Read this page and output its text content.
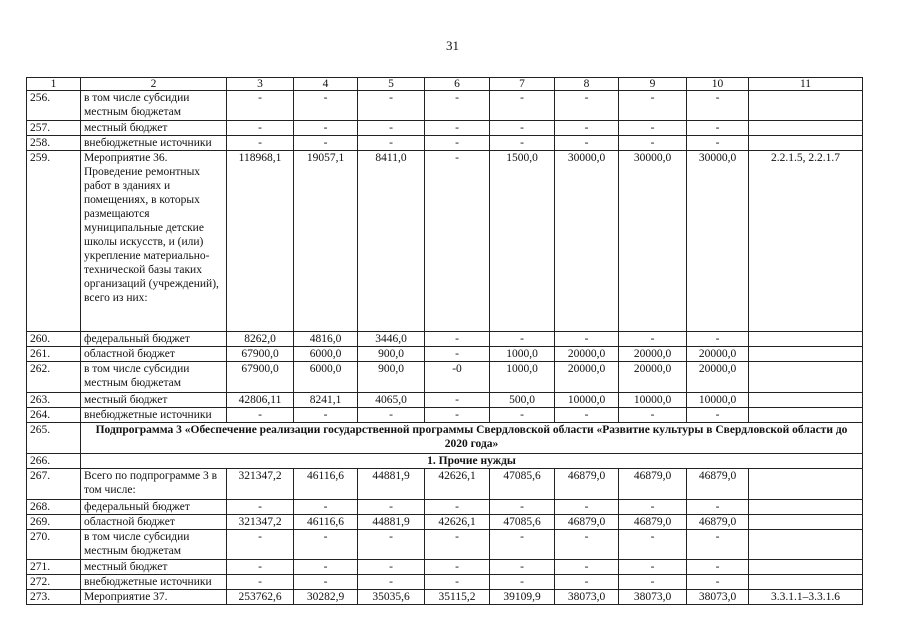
31
1	2	3	4	5	6	7	8	9	10	11
256.	в том числе субсидии местным бюджетам	-	-	-	-	-	-	-	-	
257.	местный бюджет	-	-	-	-	-	-	-	-	
258.	внебюджетные источники	-	-	-	-	-	-	-	-	
259.	Мероприятие 36. Проведение ремонтных работ в зданиях и помещениях, в которых размещаются муниципальные детские школы искусств, и (или) укрепление материально-технической базы таких организаций (учреждений), всего из них:	118968,1	19057,1	8411,0	-	1500,0	30000,0	30000,0	30000,0	2.2.1.5, 2.2.1.7
260.	федеральный бюджет	8262,0	4816,0	3446,0	-	-	-	-	-	
261.	областной бюджет	67900,0	6000,0	900,0	-	1000,0	20000,0	20000,0	20000,0	
262.	в том числе субсидии местным бюджетам	67900,0	6000,0	900,0	-0	1000,0	20000,0	20000,0	20000,0	
263.	местный бюджет	42806,11	8241,1	4065,0	-	500,0	10000,0	10000,0	10000,0	
264.	внебюджетные источники	-	-	-	-	-	-	-	-	
265.	Подпрограмма 3 «Обеспечение реализации государственной программы Свердловской области «Развитие культуры в Свердловской области до 2020 года»									
266.	1. Прочие нужды									
267.	Всего по подпрограмме 3 в том числе:	321347,2	46116,6	44881,9	42626,1	47085,6	46879,0	46879,0	46879,0	
268.	федеральный бюджет	-	-	-	-	-	-	-	-	
269.	областной бюджет	321347,2	46116,6	44881,9	42626,1	47085,6	46879,0	46879,0	46879,0	
270.	в том числе субсидии местным бюджетам	-	-	-	-	-	-	-	-	
271.	местный бюджет	-	-	-	-	-	-	-	-	
272.	внебюджетные источники	-	-	-	-	-	-	-	-	
273.	Мероприятие 37.	253762,6	30282,9	35035,6	35115,2	39109,9	38073,0	38073,0	38073,0	3.3.1.1–3.3.1.6
